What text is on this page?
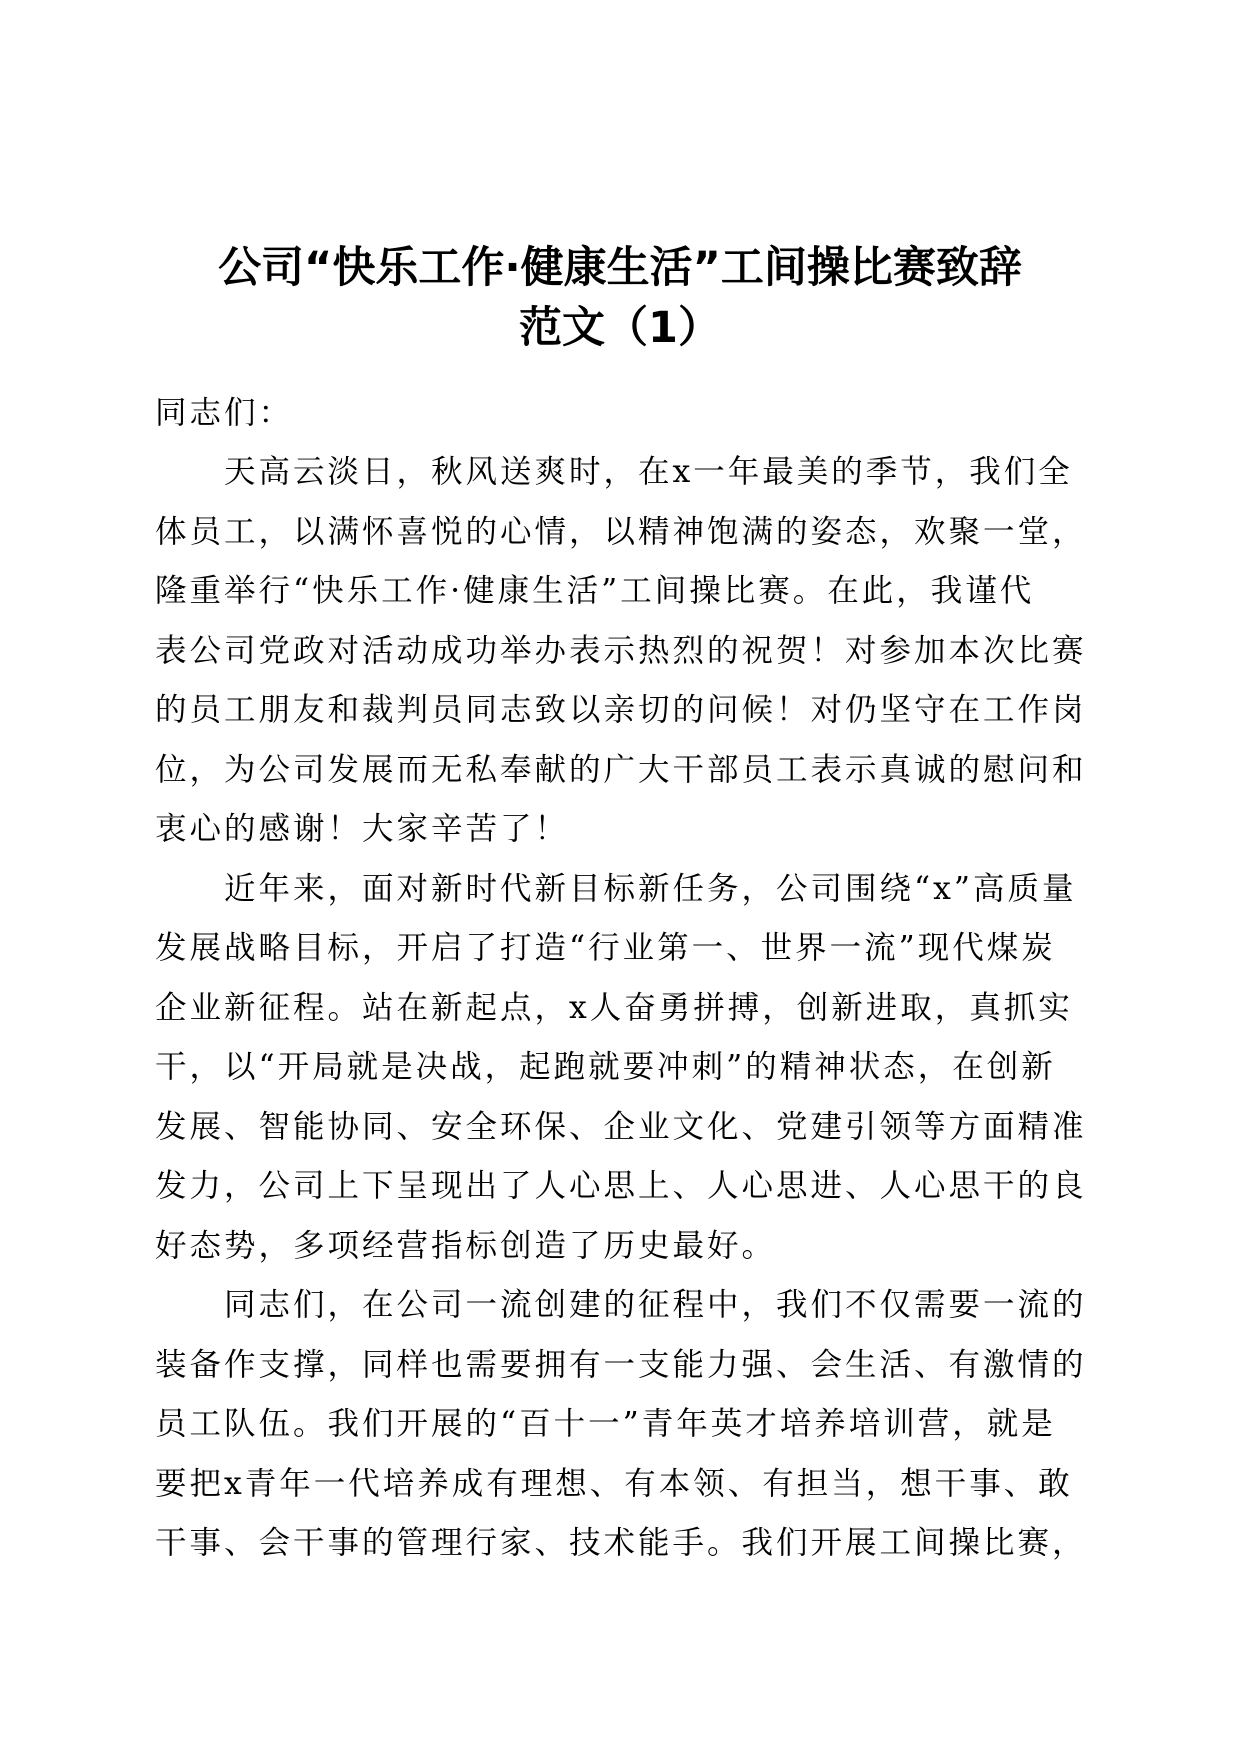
公司“快乐工作·健康生活”工间操比赛致辞
范文（1）

同志们：

天高云淡日，秋风送爽时，在x一年最美的季节，我们全
体员工，以满怀喜悦的心情，以精神饱满的姿态，欢聚一堂，
隆重举行“快乐工作·健康生活”工间操比赛。在此，我谨代
表公司党政对活动成功举办表示热烈的祝贺！对参加本次比赛
的员工朋友和裁判员同志致以亲切的问候！对仍坚守在工作岗
位，为公司发展而无私奉献的广大干部员工表示真诚的慰问和
衷心的感谢！大家辛苦了！

近年来，面对新时代新目标新任务，公司围绕“x”高质量
发展战略目标，开启了打造“行业第一、世界一流”现代煤炭
企业新征程。站在新起点，x人奋勇拼搏，创新进取，真抓实
干，以“开局就是决战，起跑就要冲刺”的精神状态，在创新
发展、智能协同、安全环保、企业文化、党建引领等方面精准
发力，公司上下呈现出了人心思上、人心思进、人心思干的良
好态势，多项经营指标创造了历史最好。

同志们，在公司一流创建的征程中，我们不仅需要一流的
装备作支撑，同样也需要拥有一支能力强、会生活、有激情的
员工队伍。我们开展的“百十一”青年英才培养培训营，就是
要把x青年一代培养成有理想、有本领、有担当，想干事、敢
干事、会干事的管理行家、技术能手。我们开展工间操比赛，
